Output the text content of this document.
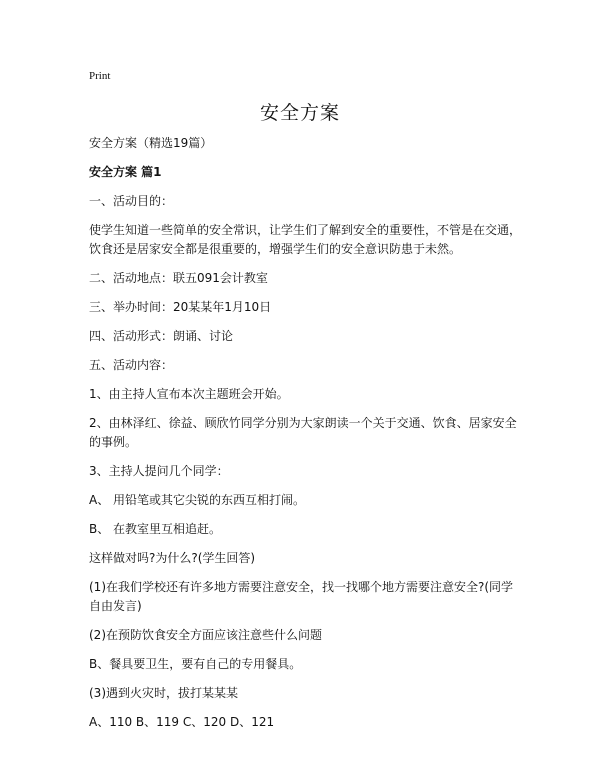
Print
安全方案

安全方案（精选19篇）

安全方案 篇1

一、活动目的：

使学生知道一些简单的安全常识，让学生们了解到安全的重要性，不管是在交通，饮食还是居家安全都是很重要的，增强学生们的安全意识防患于未然。

二、活动地点：联五091会计教室

三、举办时间：20某某年1月10日

四、活动形式：朗诵、讨论

五、活动内容：

1、由主持人宣布本次主题班会开始。

2、由林泽红、徐益、顾欣竹同学分别为大家朗读一个关于交通、饮食、居家安全的事例。

3、主持人提问几个同学：

A、 用铅笔或其它尖锐的东西互相打闹。

B、 在教室里互相追赶。

这样做对吗?为什么?(学生回答)

(1)在我们学校还有许多地方需要注意安全，找一找哪个地方需要注意安全?(同学自由发言)

(2)在预防饮食安全方面应该注意些什么问题

B、餐具要卫生，要有自己的专用餐具。

(3)遇到火灾时，拔打某某某

A、110 B、119 C、120 D、121
